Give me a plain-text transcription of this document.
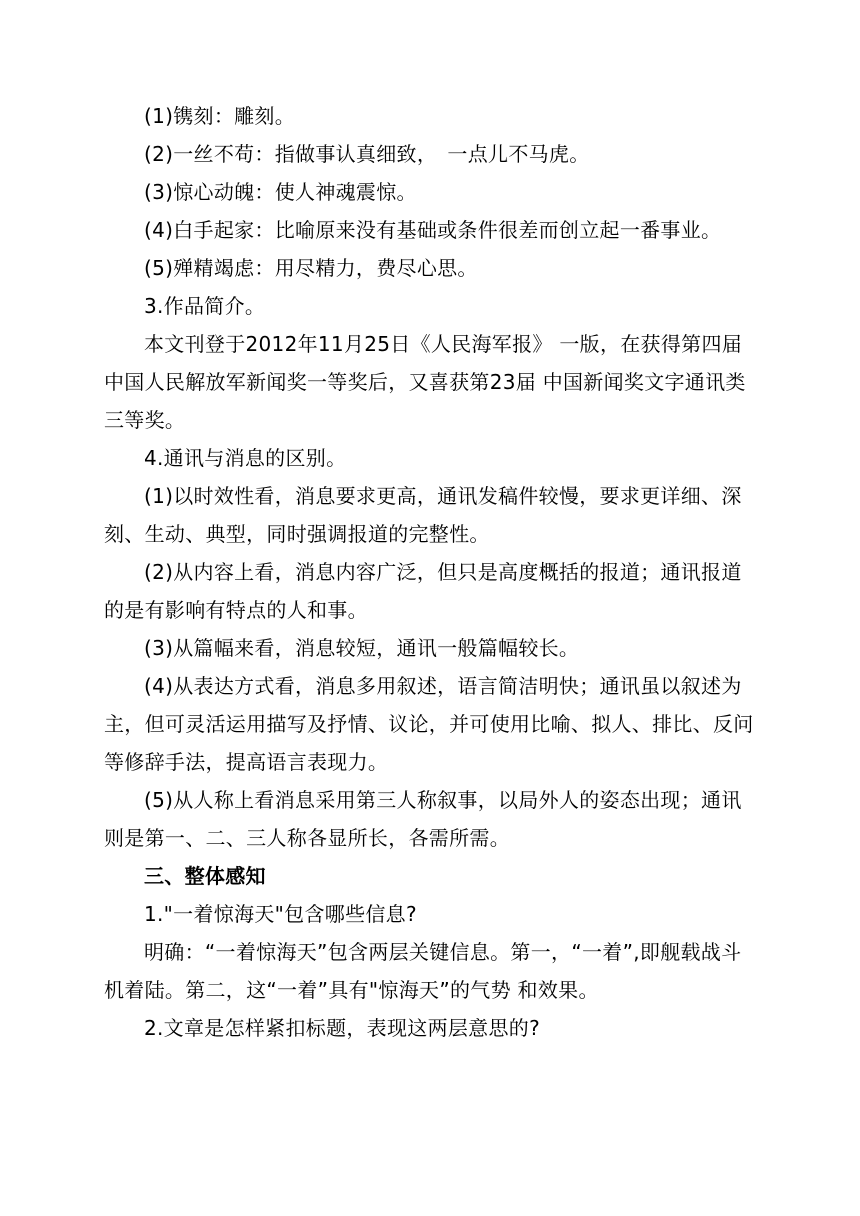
(1)镌刻：雕刻。

(2)一丝不苟：指做事认真细致，　一点儿不马虎。

(3)惊心动魄：使人神魂震惊。

(4)白手起家：比喻原来没有基础或条件很差而创立起一番事业。

(5)殚精竭虑：用尽精力，费尽心思。

3.作品简介。

本文刊登于2012年11月25日《人民海军报》 一版，在获得第四届中国人民解放军新闻奖一等奖后，又喜获第23届 中国新闻奖文字通讯类三等奖。

4.通讯与消息的区别。

(1)以时效性看，消息要求更高，通讯发稿件较慢，要求更详细、深刻、生动、典型，同时强调报道的完整性。

(2)从内容上看，消息内容广泛，但只是高度概括的报道；通讯报道的是有影响有特点的人和事。

(3)从篇幅来看，消息较短，通讯一般篇幅较长。

(4)从表达方式看，消息多用叙述，语言简洁明快；通讯虽以叙述为主，但可灵活运用描写及抒情、议论，并可使用比喻、拟人、排比、反问等修辞手法，提高语言表现力。

(5)从人称上看消息采用第三人称叙事，以局外人的姿态出现；通讯则是第一、二、三人称各显所长，各需所需。

三、整体感知

1."一着惊海天"包含哪些信息?

明确：“一着惊海天”包含两层关键信息。第一，“一着”,即舰载战斗机着陆。第二，这“一着”具有"惊海天”的气势 和效果。

2.文章是怎样紧扣标题，表现这两层意思的?
